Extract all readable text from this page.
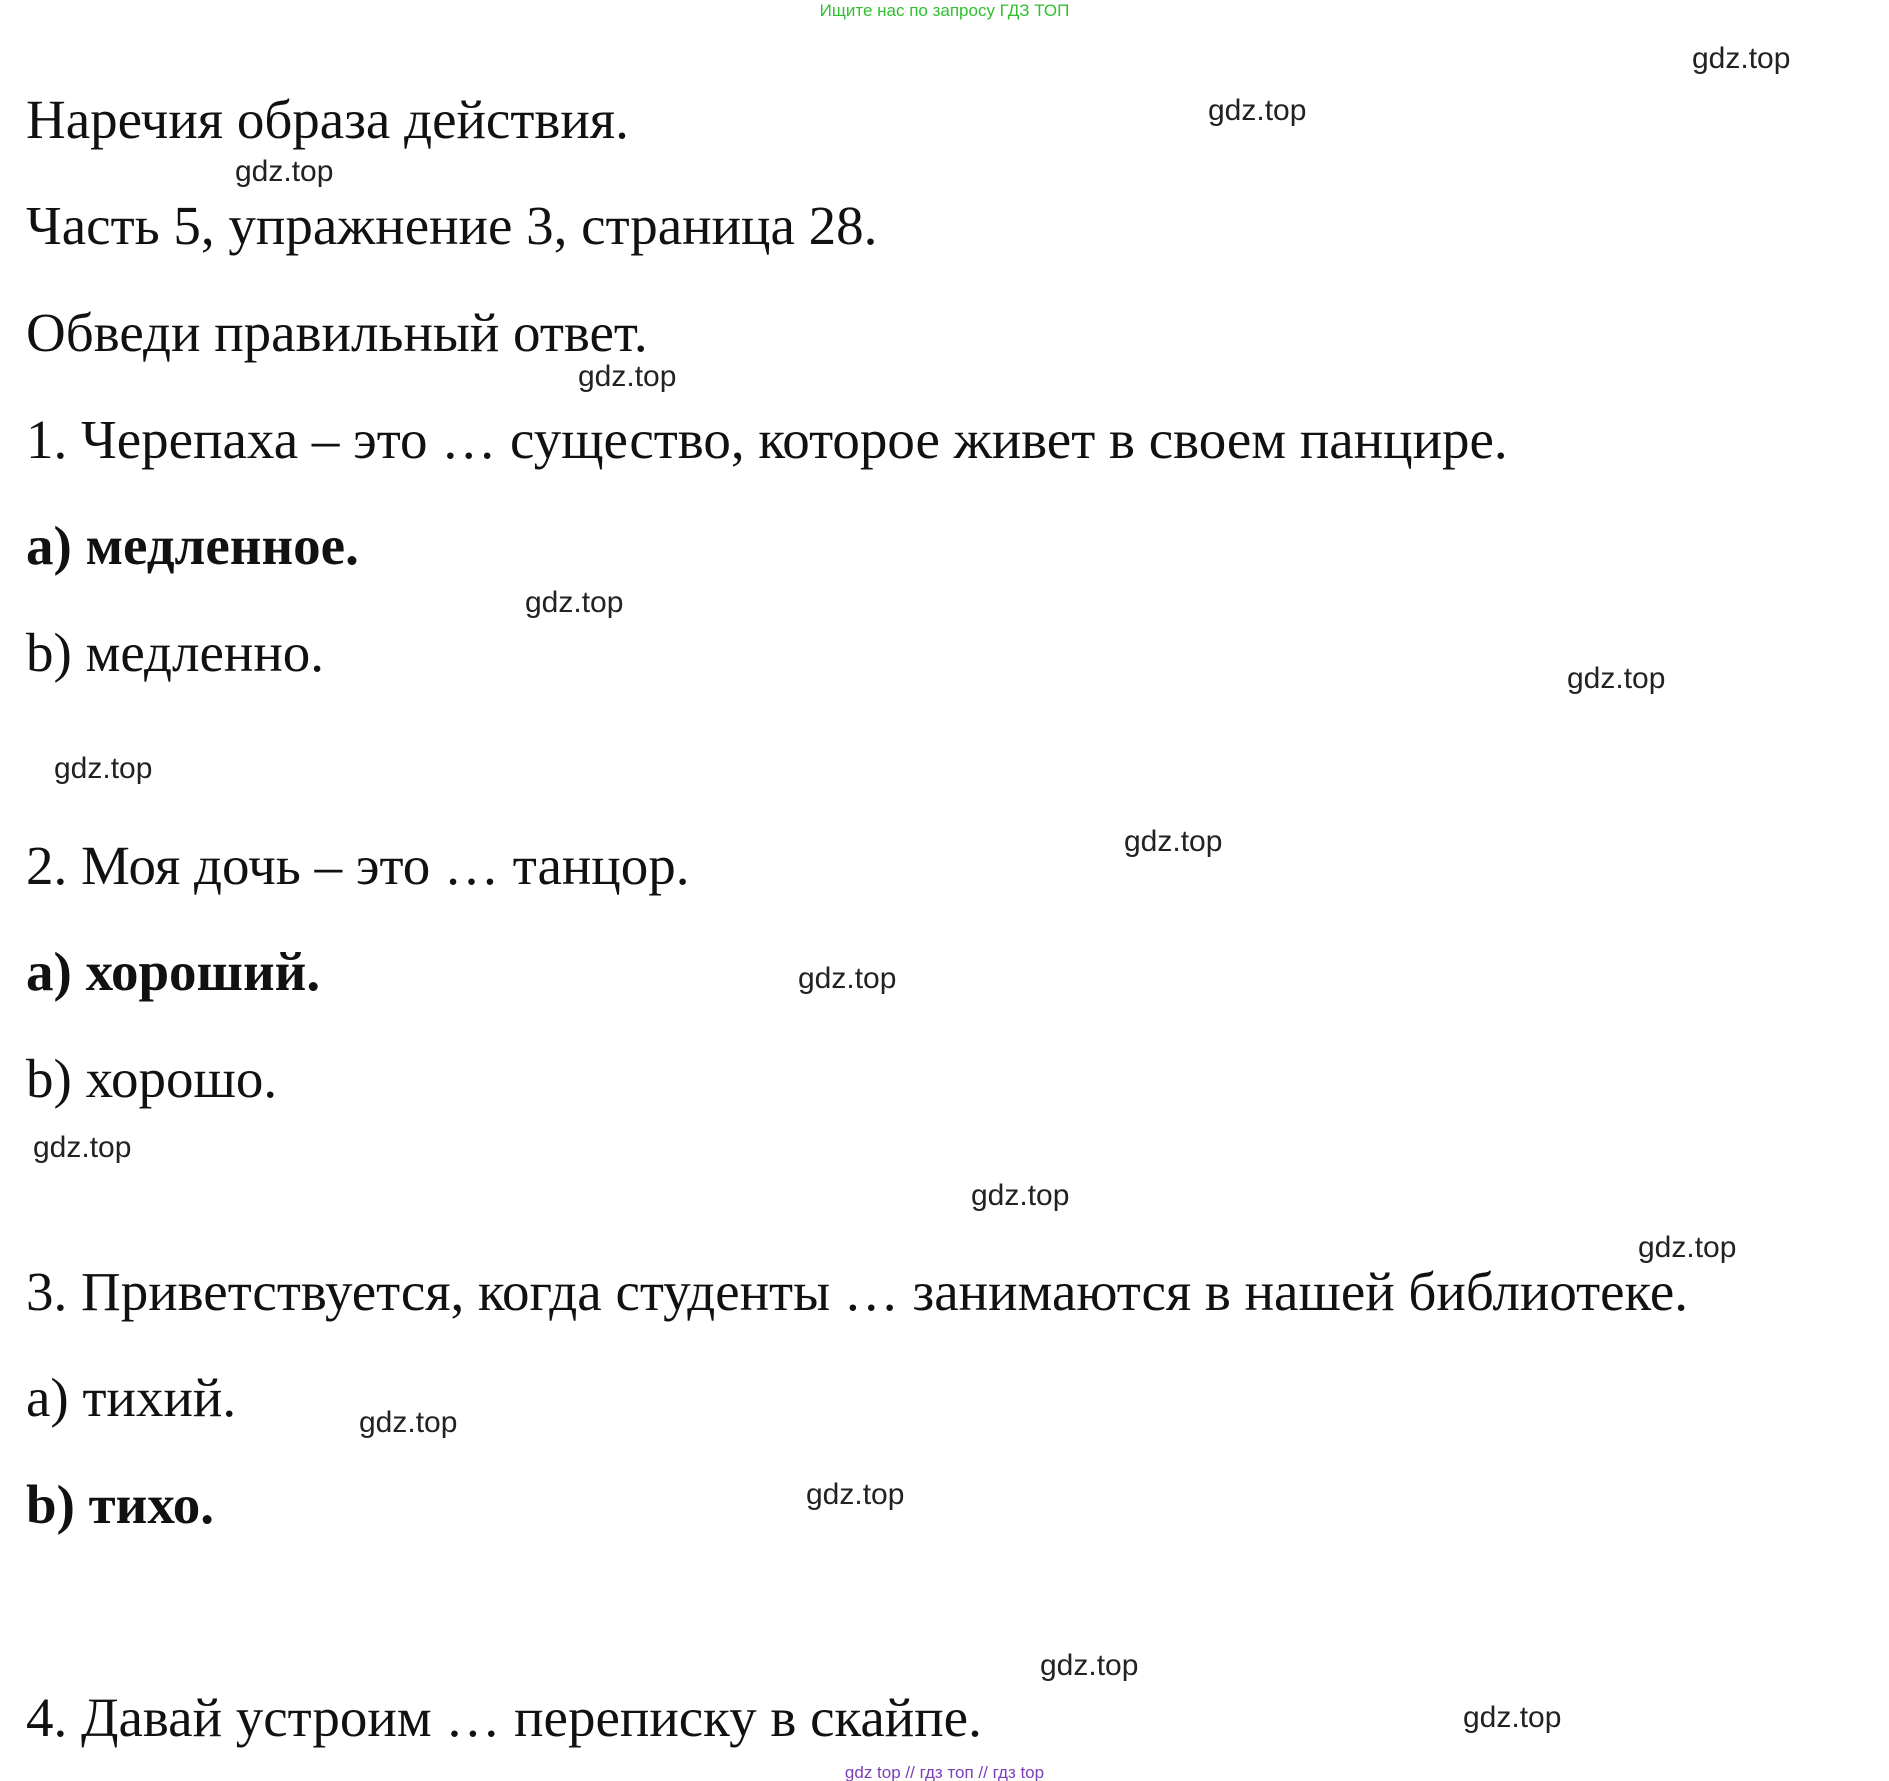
Ищите нас по запросу ГДЗ ТОП

Наречия образа действия.

Часть 5, упражнение 3, страница 28.

Обведи правильный ответ.

1. Черепаха – это … существо, которое живет в своем панцире.

а) медленное.

b) медленно.

2. Моя дочь – это … танцор.

а) хороший.

b) хорошо.

3. Приветствуется, когда студенты … занимаются в нашей библиотеке.

а) тихий.

b) тихо.

4. Давай устроим … переписку в скайпе.

gdz.top
gdz.top
gdz.top
gdz.top
gdz.top
gdz.top
gdz.top
gdz.top
gdz.top
gdz.top
gdz.top
gdz.top
gdz.top
gdz.top
gdz.top
gdz.top
gdz top // гдз топ // гдз top
